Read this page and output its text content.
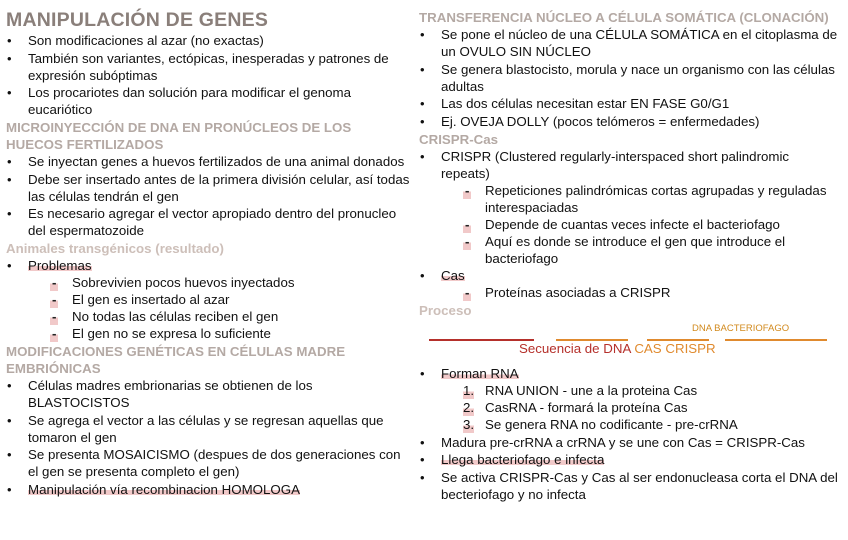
MANIPULACIÓN DE GENES
• Son modificaciones al azar (no exactas)
• También son variantes, ectópicas, inesperadas y patrones de expresión subóptimas
• Los procariotes dan solución para modificar el genoma eucariótico
MICROINYECCIÓN DE DNA EN PRONÚCLEOS DE LOS HUECOS FERTILIZADOS
• Se inyectan genes a huevos fertilizados de una animal donados
• Debe ser insertado antes de la primera división celular, así todas las células tendrán el gen
• Es necesario agregar el vector apropiado dentro del pronucleo del espermatozoide
Animales transgénicos (resultado)
• Problemas
- Sobrevivien pocos huevos inyectados
- El gen es insertado al azar
- No todas las células reciben el gen
- El gen no se expresa lo suficiente
MODIFICACIONES GENÉTICAS EN CÉLULAS MADRE EMBRIÓNICAS
• Células madres embrionarias se obtienen de los BLASTOCISTOS
• Se agrega el vector a las células y se regresan aquellas que tomaron el gen
• Se presenta MOSAICISMO (despues de dos generaciones con el gen se presenta completo el gen)
• Manipulación vía recombinacion HOMOLOGA
TRANSFERENCIA NÚCLEO A CÉLULA SOMÁTICA (CLONACIÓN)
• Se pone el núcleo de una CÉLULA SOMÁTICA en el citoplasma de un OVULO SIN NÚCLEO
• Se genera blastocisto, morula y nace un organismo con las células adultas
• Las dos células necesitan estar EN FASE G0/G1
• Ej. OVEJA DOLLY (pocos telómeros = enfermedades)
CRISPR-Cas
• CRISPR (Clustered regularly-interspaced short palindromic repeats)
- Repeticiones palindrómicas cortas agrupadas y reguladas interespaciadas
- Depende de cuantas veces infecte el bacteriofago
- Aquí es donde se introduce el gen que introduce el bacteriofago
• Cas
- Proteínas asociadas a CRISPR
Proceso
DNA BACTERIOFAGO
Secuencia de DNA CAS CRISPR
• Forman RNA
1. RNA UNION - une a la proteina Cas
2. CasRNA - formará la proteína Cas
3. Se genera RNA no codificante - pre-crRNA
• Madura pre-crRNA a crRNA y se une con Cas = CRISPR-Cas
• Llega bacteriofago e infecta
• Se activa CRISPR-Cas y Cas al ser endonucleasa corta el DNA del becteriofago y no infecta
